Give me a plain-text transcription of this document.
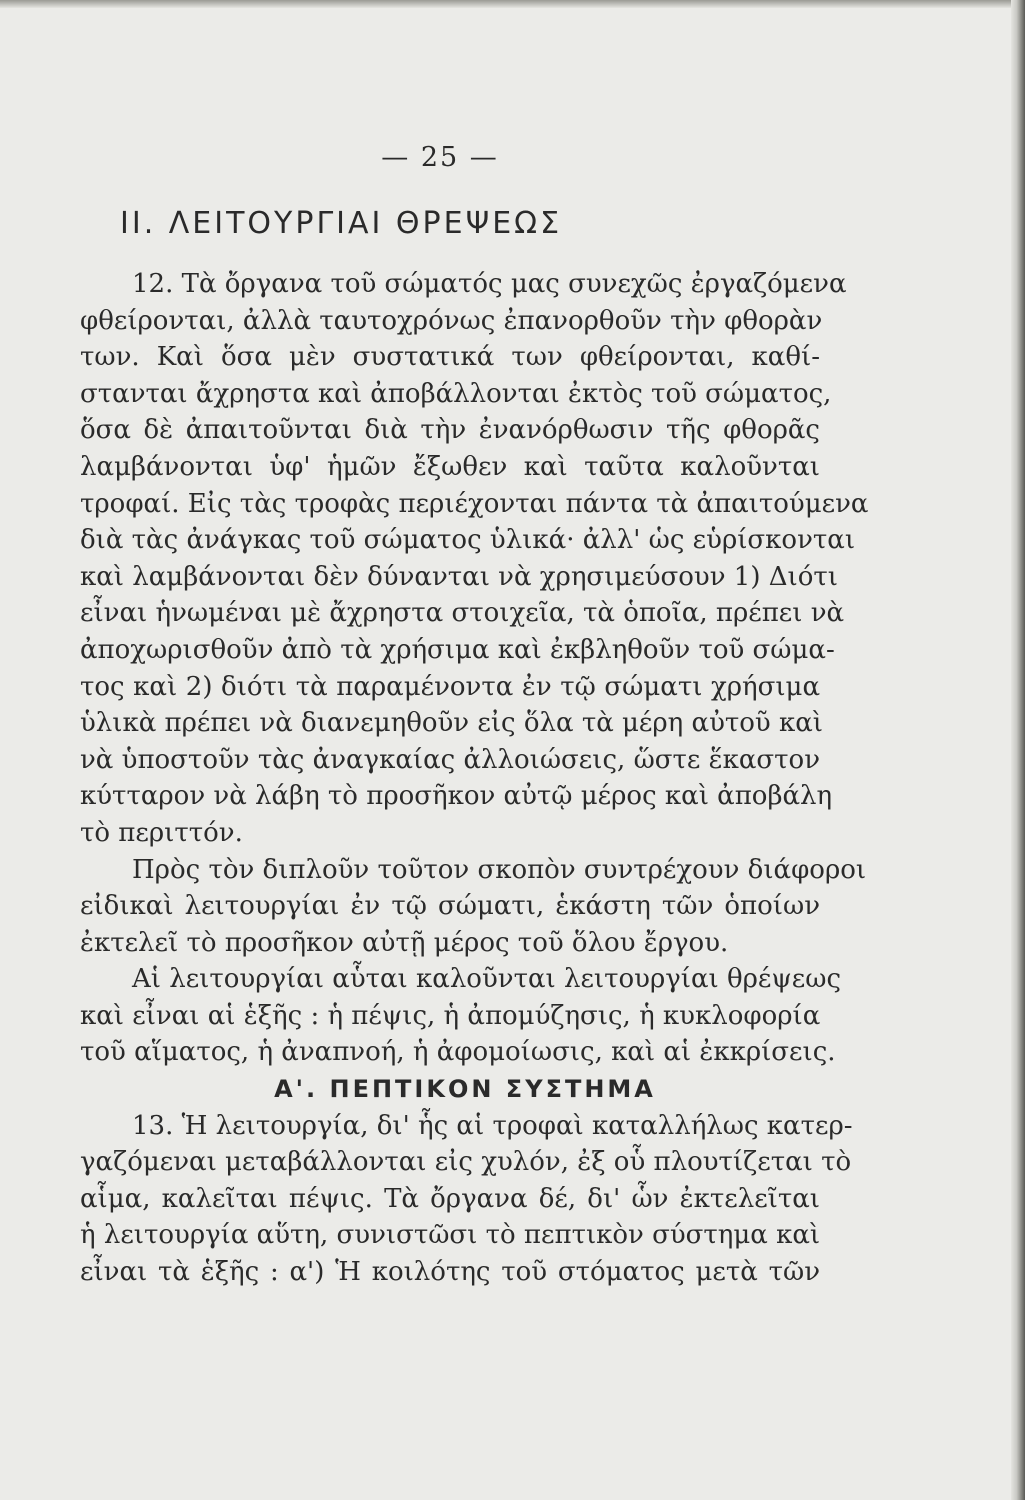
— 25 —
II. ΛΕΙΤΟΥΡΓΙΑΙ ΘΡΕΨΕΩΣ
12. Τὰ ὄργανα τοῦ σώματός μας συνεχῶς ἐργαζόμενα
φθείρονται, ἀλλὰ ταυτοχρόνως ἐπανορθοῦν τὴν φθορὰν
των. Καὶ ὅσα μὲν συστατικά των φθείρονται, καθί-
στανται ἄχρηστα καὶ ἀποβάλλονται ἐκτὸς τοῦ σώματος,
ὅσα δὲ ἀπαιτοῦνται διὰ τὴν ἐνανόρθωσιν τῆς φθορᾶς
λαμβάνονται ὑφ' ἡμῶν ἔξωθεν καὶ ταῦτα καλοῦνται
τροφαί. Εἰς τὰς τροφὰς περιέχονται πάντα τὰ ἀπαιτούμενα
διὰ τὰς ἀνάγκας τοῦ σώματος ὑλικά· ἀλλ' ὡς εὑρίσκονται
καὶ λαμβάνονται δὲν δύνανται νὰ χρησιμεύσουν 1) Διότι
εἶναι ἡνωμέναι μὲ ἄχρηστα στοιχεῖα, τὰ ὁποῖα, πρέπει νὰ
ἀποχωρισθοῦν ἀπὸ τὰ χρήσιμα καὶ ἐκβληθοῦν τοῦ σώμα-
τος καὶ 2) διότι τὰ παραμένοντα ἐν τῷ σώματι χρήσιμα
ὑλικὰ πρέπει νὰ διανεμηθοῦν εἰς ὅλα τὰ μέρη αὐτοῦ καὶ
νὰ ὑποστοῦν τὰς ἀναγκαίας ἀλλοιώσεις, ὥστε ἕκαστον
κύτταρον νὰ λάβη τὸ προσῆκον αὐτῷ μέρος καὶ ἀποβάλη
τὸ περιττόν.
Πρὸς τὸν διπλοῦν τοῦτον σκοπὸν συντρέχουν διάφοροι
εἰδικαὶ λειτουργίαι ἐν τῷ σώματι, ἑκάστη τῶν ὁποίων
ἐκτελεῖ τὸ προσῆκον αὐτῇ μέρος τοῦ ὅλου ἔργου.
Αἱ λειτουργίαι αὗται καλοῦνται λειτουργίαι θρέψεως
καὶ εἶναι αἱ ἑξῆς : ἡ πέψις, ἡ ἀπομύζησις, ἡ κυκλοφορία
τοῦ αἵματος, ἡ ἀναπνοή, ἡ ἀφομοίωσις, καὶ αἱ ἐκκρίσεις.
Α'. ΠΕΠΤΙΚΟΝ ΣΥΣΤΗΜΑ
13. Ἡ λειτουργία, δι' ἧς αἱ τροφαὶ καταλλήλως κατερ-
γαζόμεναι μεταβάλλονται εἰς χυλόν, ἐξ οὗ πλουτίζεται τὸ
αἷμα, καλεῖται πέψις. Τὰ ὄργανα δέ, δι' ὧν ἐκτελεῖται
ἡ λειτουργία αὕτη, συνιστῶσι τὸ πεπτικὸν σύστημα καὶ
εἶναι τὰ ἑξῆς : α') Ἡ κοιλότης τοῦ στόματος μετὰ τῶν
